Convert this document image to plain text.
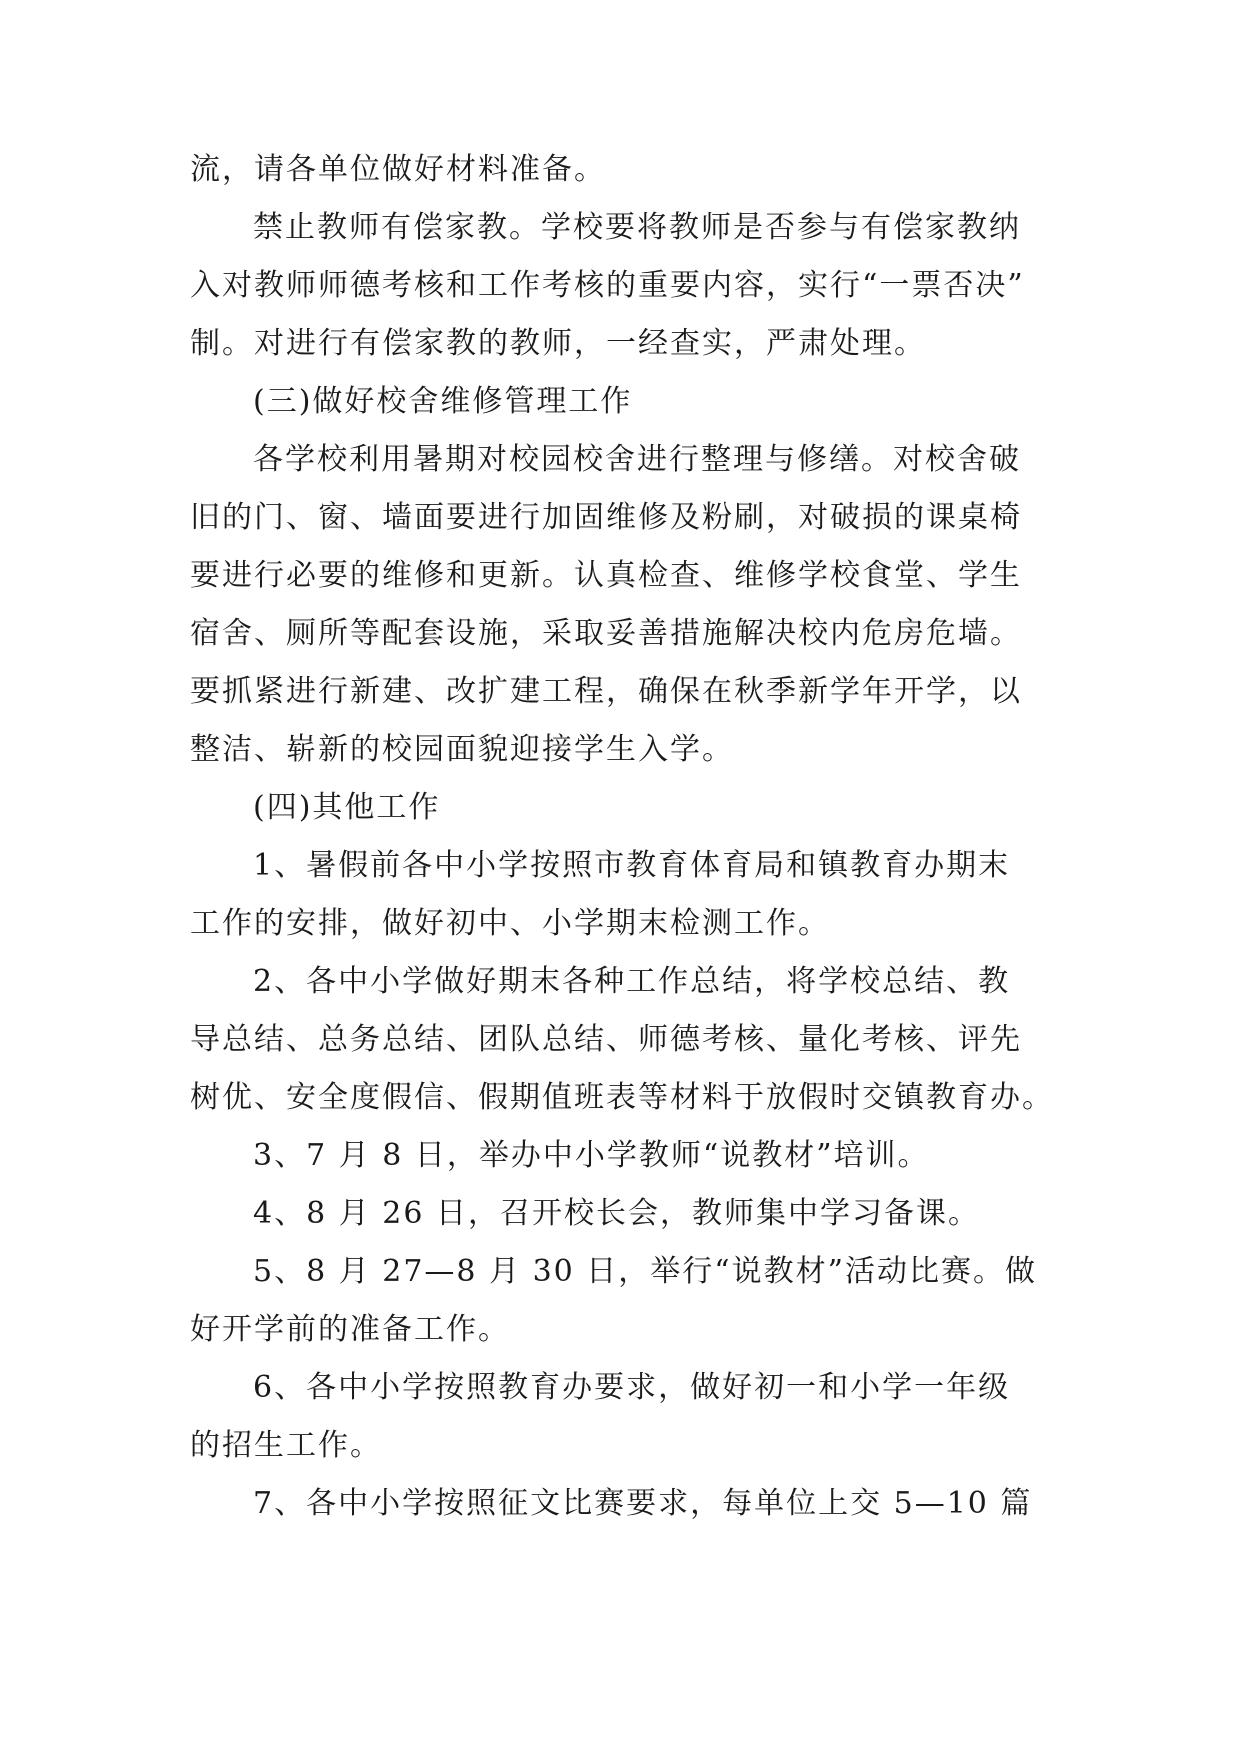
流，请各单位做好材料准备。
禁止教师有偿家教。学校要将教师是否参与有偿家教纳
入对教师师德考核和工作考核的重要内容，实行“一票否决”
制。对进行有偿家教的教师，一经查实，严肃处理。
(三)做好校舍维修管理工作
各学校利用暑期对校园校舍进行整理与修缮。对校舍破
旧的门、窗、墙面要进行加固维修及粉刷，对破损的课桌椅
要进行必要的维修和更新。认真检查、维修学校食堂、学生
宿舍、厕所等配套设施，采取妥善措施解决校内危房危墙。
要抓紧进行新建、改扩建工程，确保在秋季新学年开学，以
整洁、崭新的校园面貌迎接学生入学。
(四)其他工作
1、暑假前各中小学按照市教育体育局和镇教育办期末
工作的安排，做好初中、小学期末检测工作。
2、各中小学做好期末各种工作总结，将学校总结、教
导总结、总务总结、团队总结、师德考核、量化考核、评先
树优、安全度假信、假期值班表等材料于放假时交镇教育办。
3、7 月 8 日，举办中小学教师“说教材”培训。
4、8 月 26 日，召开校长会，教师集中学习备课。
5、8 月 27—8 月 30 日，举行“说教材”活动比赛。做
好开学前的准备工作。
6、各中小学按照教育办要求，做好初一和小学一年级
的招生工作。
7、各中小学按照征文比赛要求，每单位上交 5—10 篇
